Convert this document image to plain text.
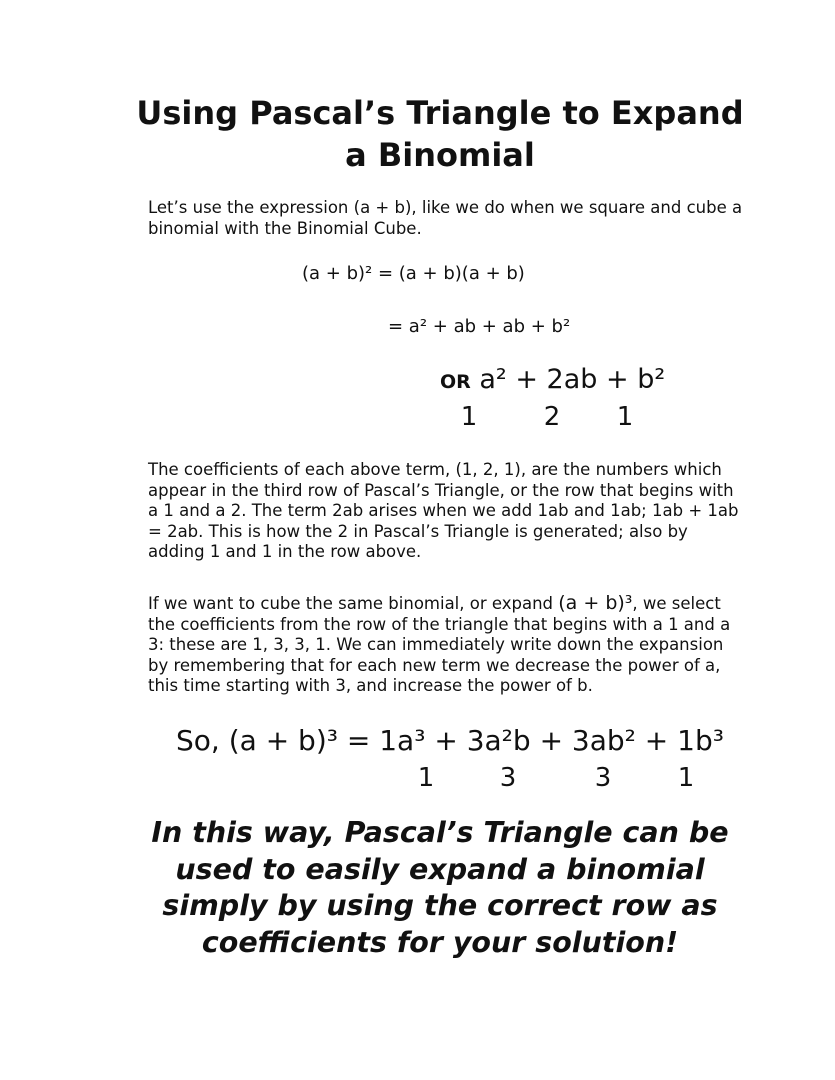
Using Pascal’s Triangle to Expand a Binomial

Let’s use the expression (a + b), like we do when we square and cube a binomial with the Binomial Cube.

(a + b)² = (a + b)(a + b)
= a² + ab + ab + b²
OR a² + 2ab + b²
1	2 1

The coefficients of each above term, (1, 2, 1), are the numbers which appear in the third row of Pascal’s Triangle, or the row that begins with a 1 and a 2. The term 2ab arises when we add 1ab and 1ab; 1ab + 1ab = 2ab. This is how the 2 in Pascal’s Triangle is generated; also by adding 1 and 1 in the row above.

If we want to cube the same binomial, or expand (a + b)³, we select the coefficients from the row of the triangle that begins with a 1 and a 3: these are 1, 3, 3, 1. We can immediately write down the expansion by remembering that for each new term we decrease the power of a, this time starting with 3, and increase the power of b.

So, (a + b)³ = 1a³ + 3a²b + 3ab² + 1b³
1	3	3	1

In this way, Pascal’s Triangle can be used to easily expand a binomial simply by using the correct row as coefficients for your solution!
